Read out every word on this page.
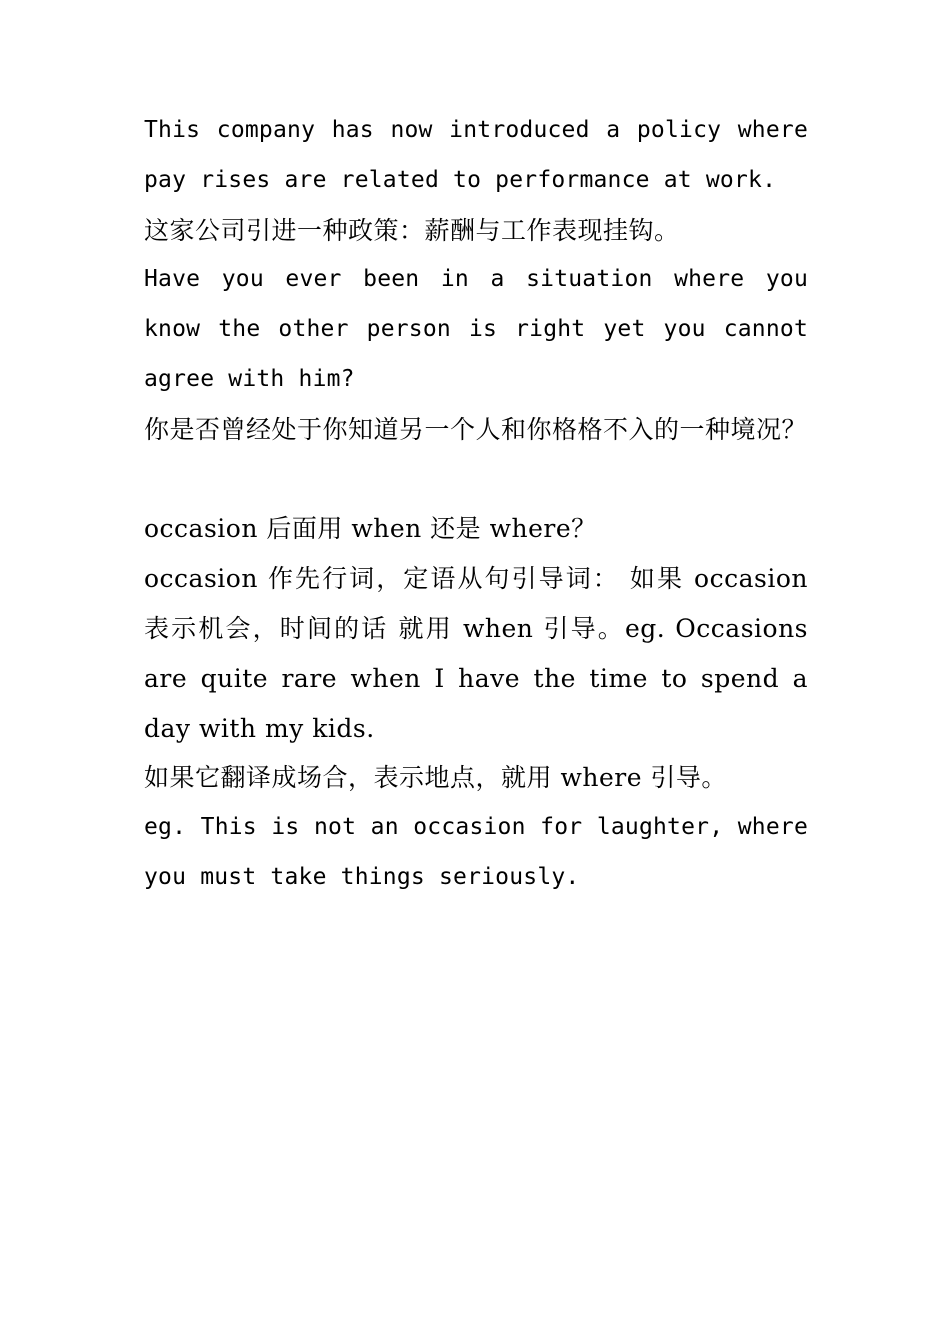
This company has now introduced a policy where pay rises are related to performance at work.

这家公司引进一种政策：薪酬与工作表现挂钩。

Have you ever been in a situation where you know the other person is right yet you cannot agree with him?

你是否曾经处于你知道另一个人和你格格不入的一种境况？

occasion 后面用 when 还是 where？

occasion 作先行词，定语从句引导词： 如果 occasion 表示机会，时间的话 就用 when 引导。eg. Occasions are quite rare when I have the time to spend a day with my kids.

如果它翻译成场合，表示地点，就用 where 引导。

eg. This is not an occasion for laughter, where you must take things seriously.
